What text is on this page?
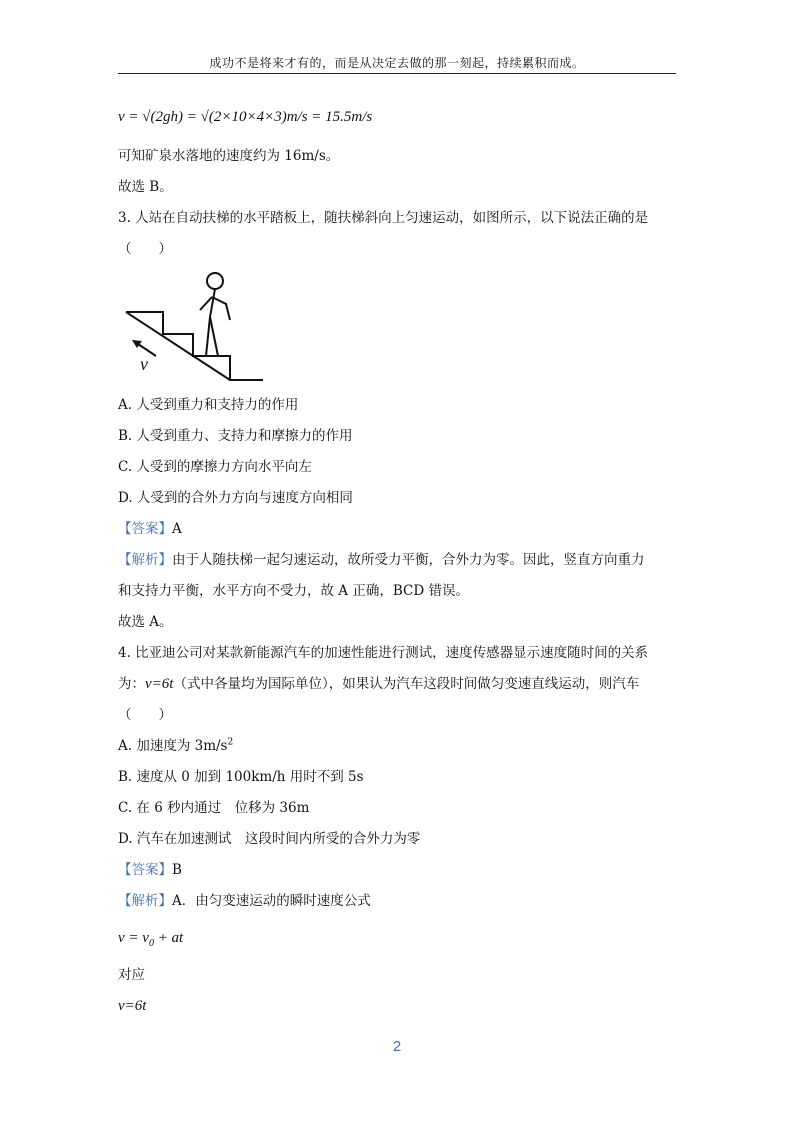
成功不是将来才有的，而是从决定去做的那一刻起，持续累积而成。
v = √(2gh) = √(2×10×4×3)m/s = 15.5m/s
可知矿泉水落地的速度约为 16m/s。
故选 B。
3. 人站在自动扶梯的水平踏板上，随扶梯斜向上匀速运动，如图所示，以下说法正确的是
（　　）
v
A. 人受到重力和支持力的作用
B. 人受到重力、支持力和摩擦力的作用
C. 人受到的摩擦力方向水平向左
D. 人受到的合外力方向与速度方向相同
【答案】A
【解析】由于人随扶梯一起匀速运动，故所受力平衡，合外力为零。因此，竖直方向重力
和支持力平衡，水平方向不受力，故 A 正确，BCD 错误。
故选 A。
4. 比亚迪公司对某款新能源汽车的加速性能进行测试，速度传感器显示速度随时间的关系
为：v=6t（式中各量均为国际单位），如果认为汽车这段时间做匀变速直线运动，则汽车
（　　）
A. 加速度为 $3m/s^2$
B. 速度从 0 加到 100km/h 用时不到 5s
C. 在 6 秒内通过　位移为 36m
D. 汽车在加速测试　这段时间内所受的合外力为零
【答案】B
【解析】A．由匀变速运动的瞬时速度公式
$v = v_0$ + at
对应
v=6t
2
